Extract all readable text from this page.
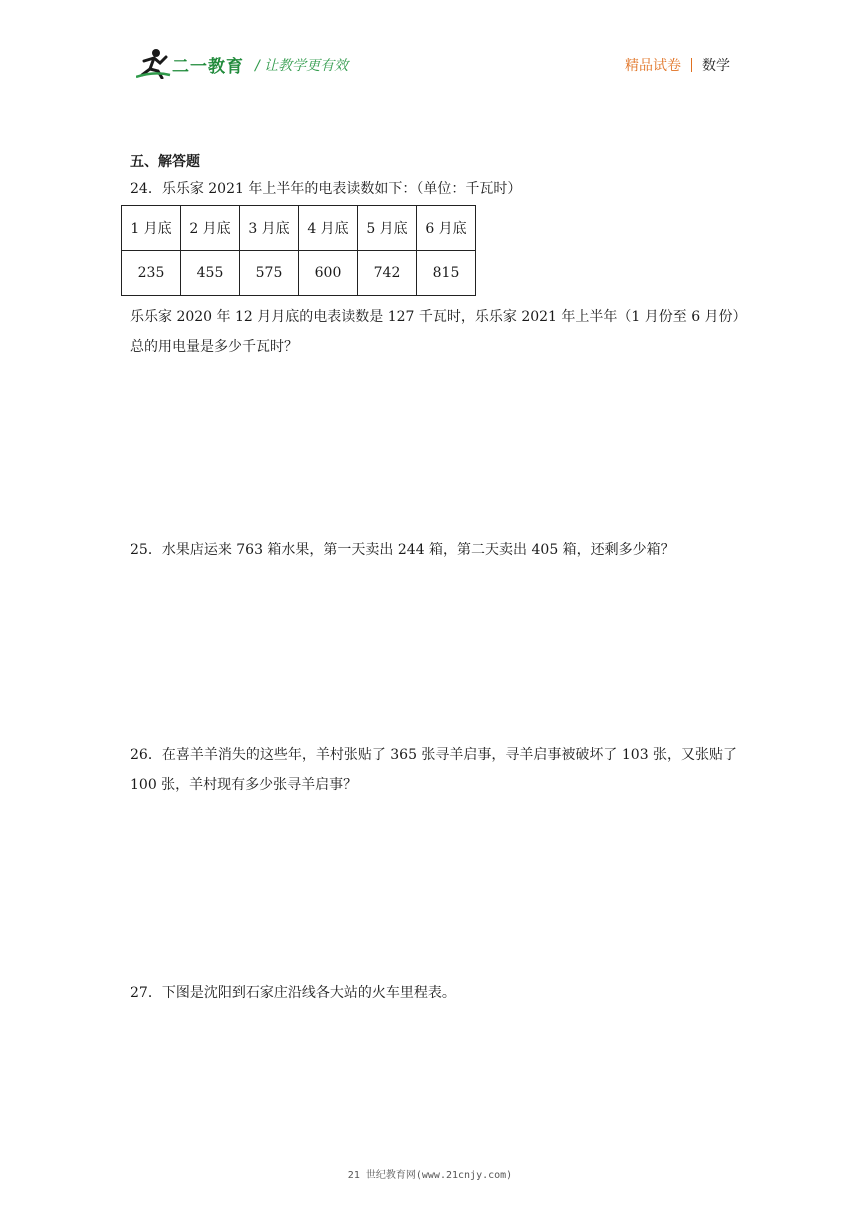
二一教育 / 让教学更有效	精品试卷 数学
五、解答题
24．乐乐家 2021 年上半年的电表读数如下：（单位：千瓦时）
1 月底	2 月底	3 月底	4 月底	5 月底	6 月底
235	455	575	600	742	815
乐乐家 2020 年 12 月月底的电表读数是 127 千瓦时，乐乐家 2021 年上半年（1 月份至 6 月份）总的用电量是多少千瓦时？
25．水果店运来 763 箱水果，第一天卖出 244 箱，第二天卖出 405 箱，还剩多少箱？
26．在喜羊羊消失的这些年，羊村张贴了 365 张寻羊启事，寻羊启事被破坏了 103 张，又张贴了 100 张，羊村现有多少张寻羊启事？
27．下图是沈阳到石家庄沿线各大站的火车里程表。
21 世纪教育网(www.21cnjy.com)
